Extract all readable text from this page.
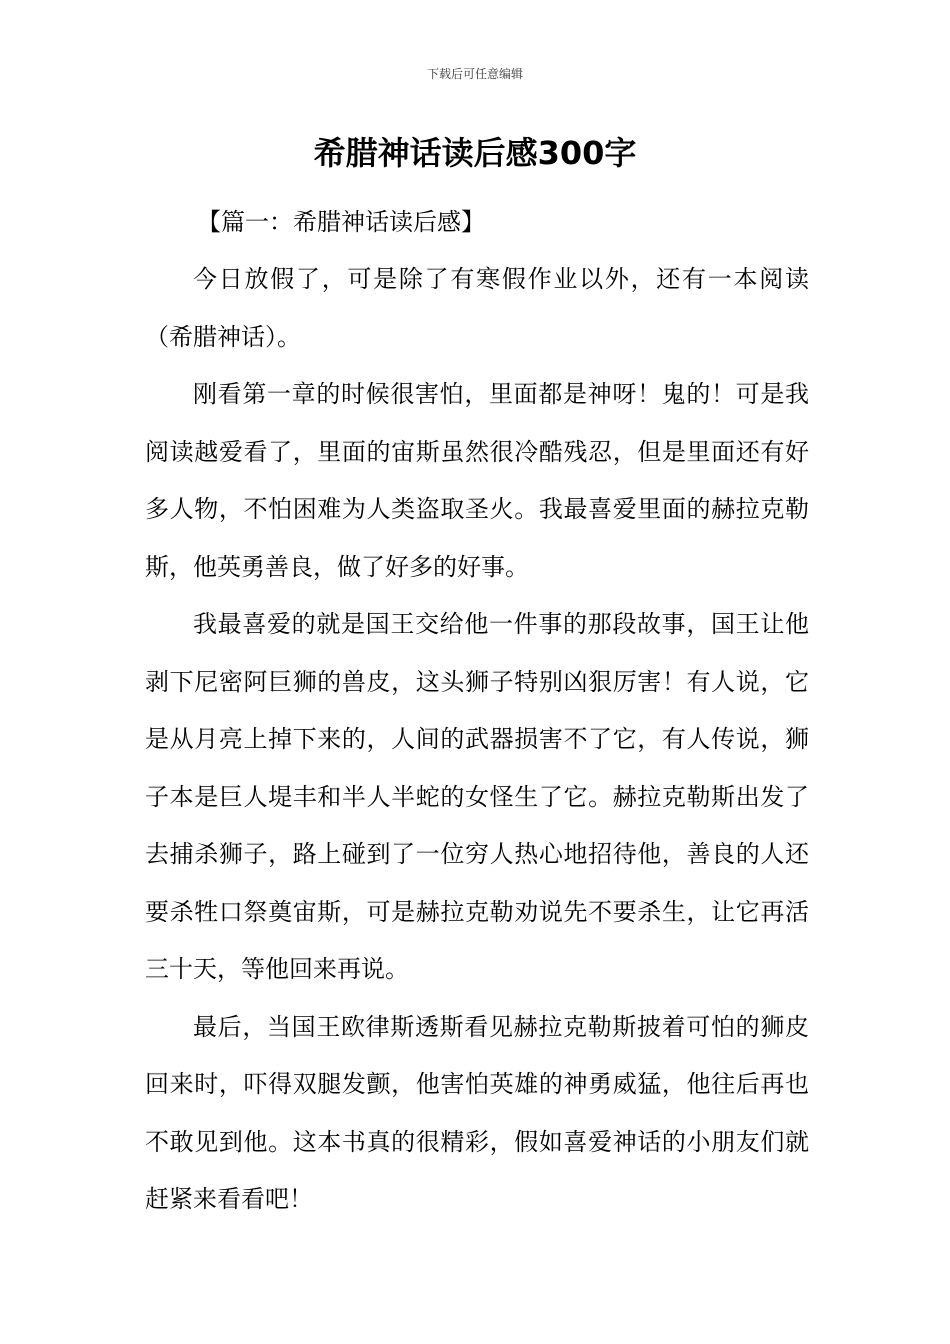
下载后可任意编辑
希腊神话读后感300字
【篇一：希腊神话读后感】

今日放假了，可是除了有寒假作业以外，还有一本阅读（希腊神话）。

刚看第一章的时候很害怕，里面都是神呀！鬼的！可是我阅读越爱看了，里面的宙斯虽然很冷酷残忍，但是里面还有好多人物，不怕困难为人类盗取圣火。我最喜爱里面的赫拉克勒斯，他英勇善良，做了好多的好事。

我最喜爱的就是国王交给他一件事的那段故事，国王让他剥下尼密阿巨狮的兽皮，这头狮子特别凶狠厉害！有人说，它是从月亮上掉下来的，人间的武器损害不了它，有人传说，狮子本是巨人堤丰和半人半蛇的女怪生了它。赫拉克勒斯出发了去捕杀狮子，路上碰到了一位穷人热心地招待他，善良的人还要杀牲口祭奠宙斯，可是赫拉克勒劝说先不要杀生，让它再活三十天，等他回来再说。

最后，当国王欧律斯透斯看见赫拉克勒斯披着可怕的狮皮回来时，吓得双腿发颤，他害怕英雄的神勇威猛，他往后再也不敢见到他。这本书真的很精彩，假如喜爱神话的小朋友们就赶紧来看看吧！
